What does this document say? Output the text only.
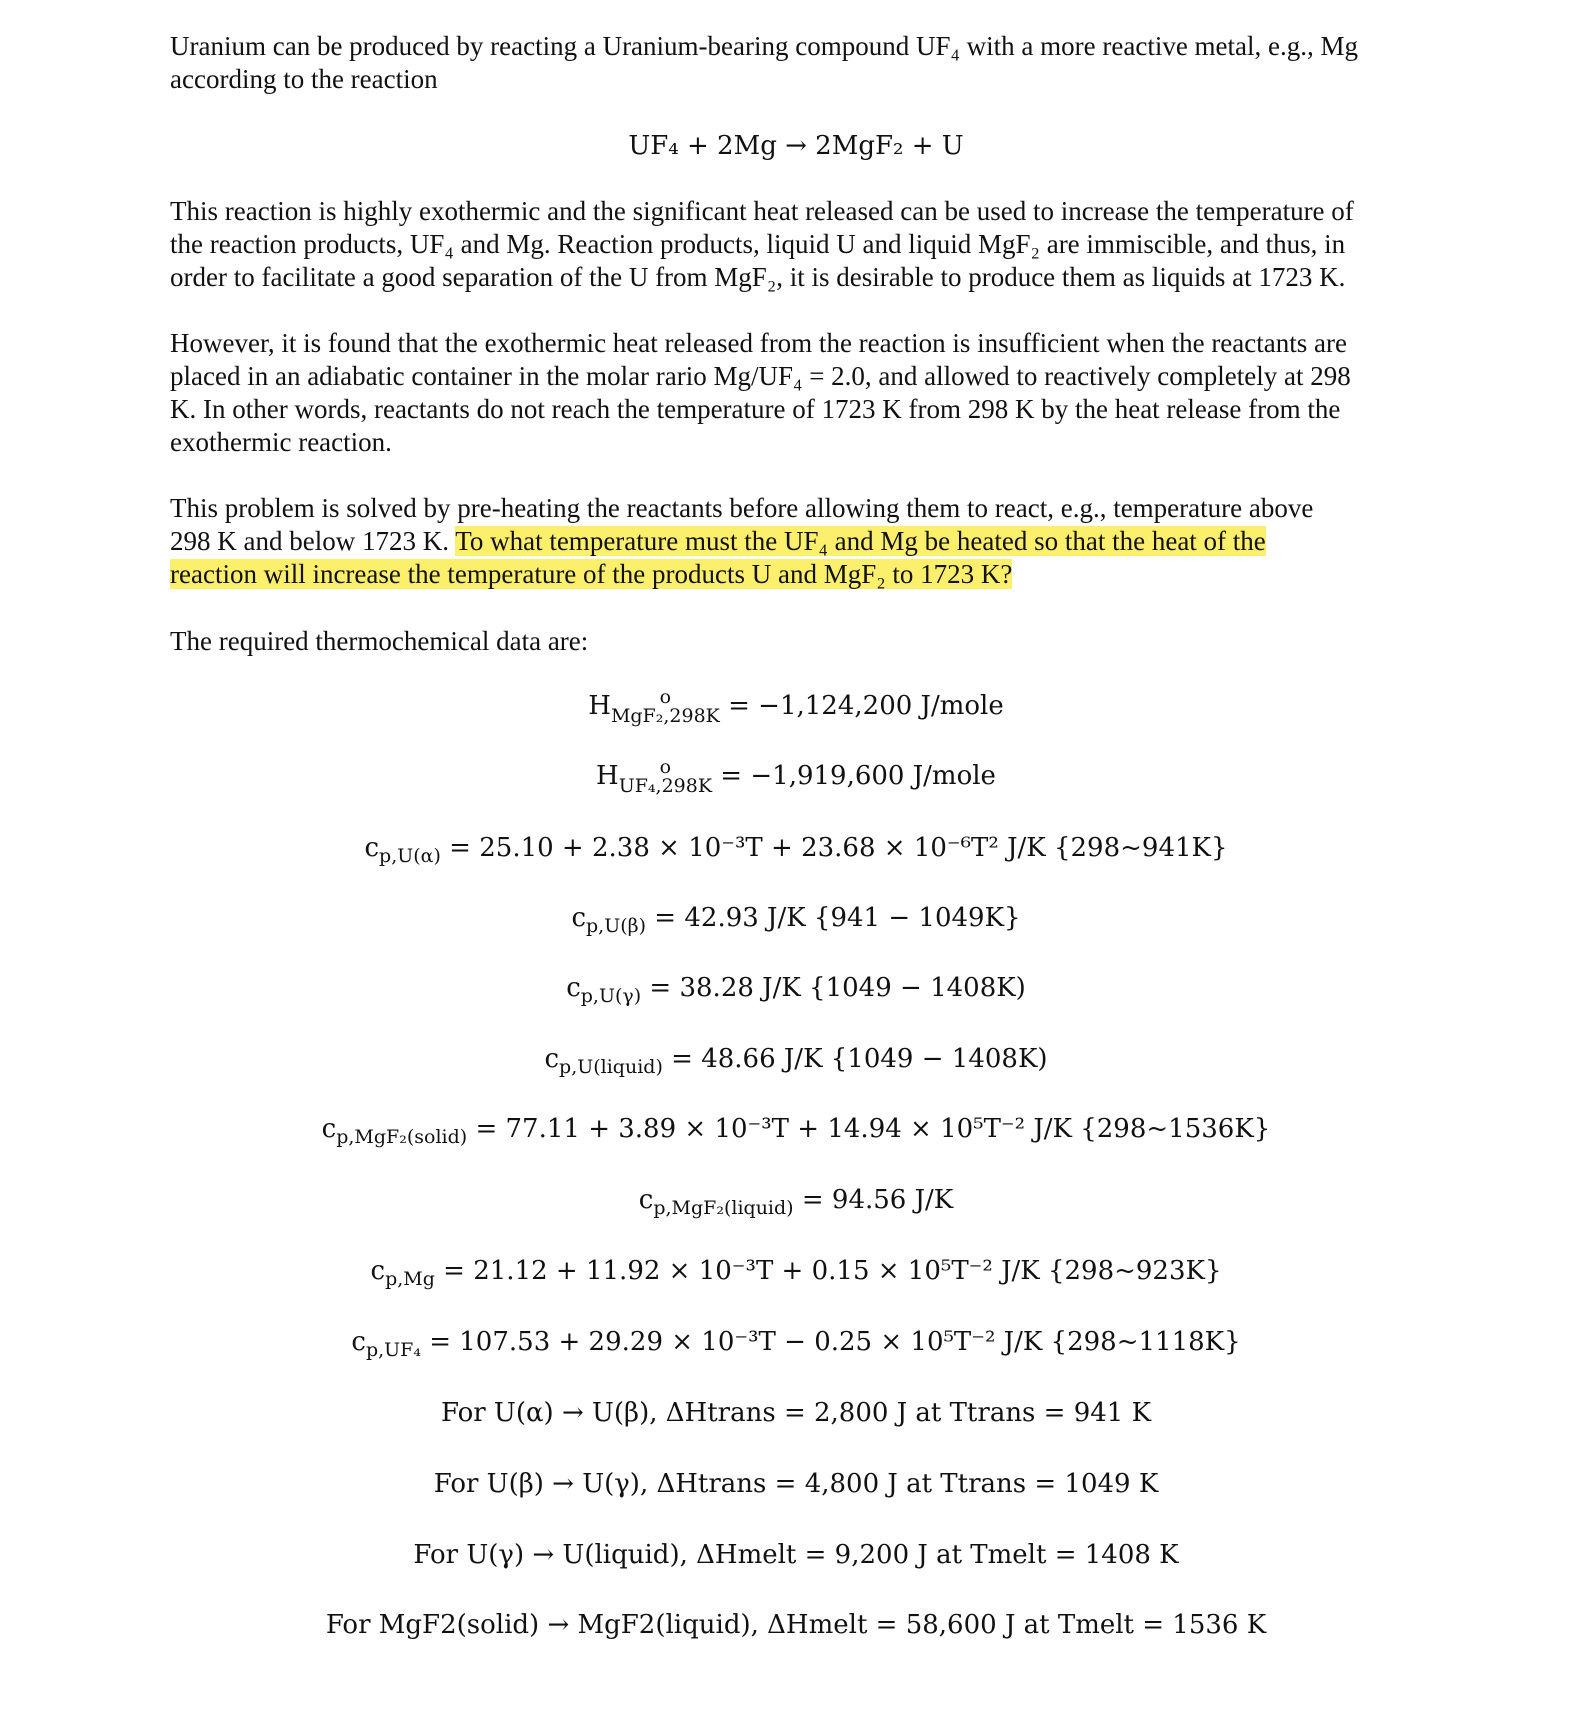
Uranium can be produced by reacting a Uranium-bearing compound UF₄ with a more reactive metal, e.g., Mg
according to the reaction
UF₄ + 2Mg → 2MgF₂ + U
This reaction is highly exothermic and the significant heat released can be used to increase the temperature of
the reaction products, UF₄ and Mg. Reaction products, liquid U and liquid MgF₂ are immiscible, and thus, in
order to facilitate a good separation of the U from MgF₂, it is desirable to produce them as liquids at 1723 K.
However, it is found that the exothermic heat released from the reaction is insufficient when the reactants are
placed in an adiabatic container in the molar rario Mg/UF₄ = 2.0, and allowed to reactively completely at 298
K. In other words, reactants do not reach the temperature of 1723 K from 298 K by the heat release from the
exothermic reaction.
This problem is solved by pre-heating the reactants before allowing them to react, e.g., temperature above
298 K and below 1723 K. To what temperature must the UF₄ and Mg be heated so that the heat of the
reaction will increase the temperature of the products U and MgF₂ to 1723 K?
The required thermochemical data are:
H	o
MgF₂,298K = −1,124,200 J/mole
H	o
UF₄,298K = −1,919,600 J/mole
$c_{p,U(\alpha)} = 25.10 + 2.38 \times 10^{-3}T + 23.68 \times 10^{-6}T^2$ J/K {298~941K}
$c_{p,U(\beta)} = 42.93$ J/K {941 − 1049K}
$c_{p,U(\gamma)} = 38.28$ J/K {1049 − 1408K)
$c_{p,U(liquid)} = 48.66$ J/K {1049 − 1408K)
$c_{p,MgF_2(solid)} = 77.11 + 3.89 \times 10^{-3}T + 14.94 \times 10^5T^{-2}$ J/K {298~1536K}
$c_{p,MgF_2(liquid)} = 94.56$ J/K
$c_{p,Mg} = 21.12 + 11.92 \times 10^{-3}T + 0.15 \times 10^5T^{-2}$ J/K {298~923K}
$c_{p,UF_4} = 107.53 + 29.29 \times 10^{-3}T - 0.25 \times 10^5T^{-2}$ J/K {298~1118K}
For U(α) → U(β), ΔHtrans = 2,800 J at Ttrans = 941 K
For U(β) → U(γ), ΔHtrans = 4,800 J at Ttrans = 1049 K
For U(γ) → U(liquid), ΔHmelt = 9,200 J at Tmelt = 1408 K
For MgF2(solid) → MgF2(liquid), ΔHmelt = 58,600 J at Tmelt = 1536 K
